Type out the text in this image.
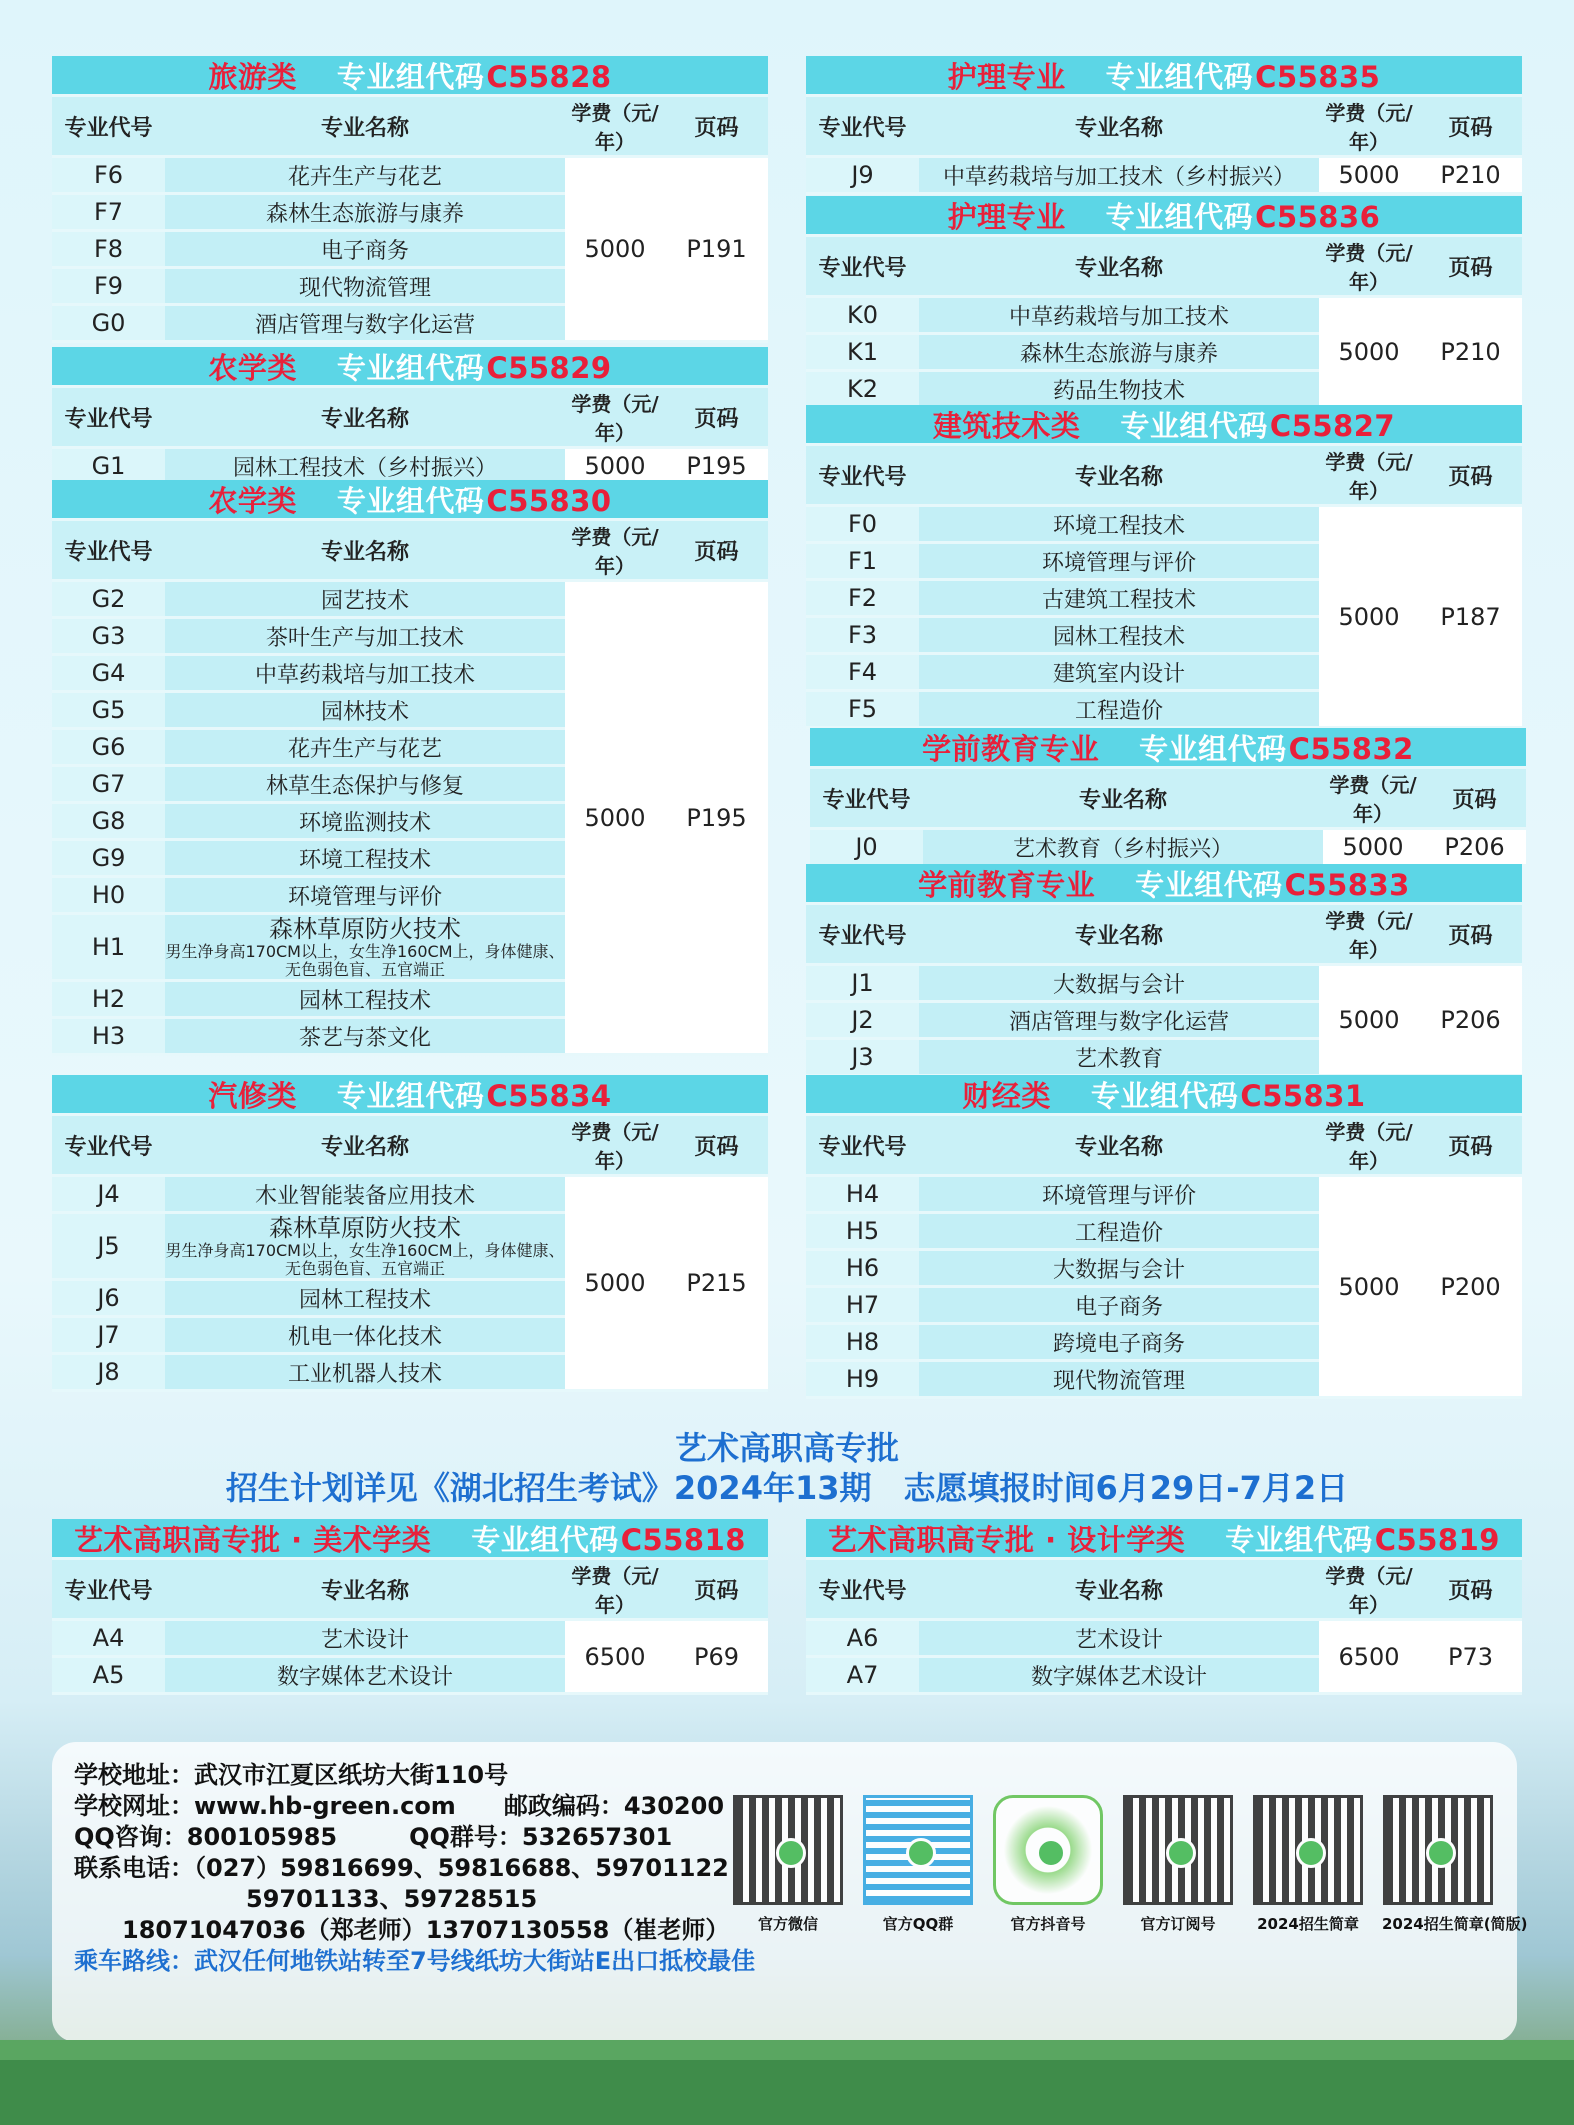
旅游类 专业组代码C55828
专业代号	专业名称	学费（元/年）	页码
F6	花卉生产与花艺	5000	P191
F7	森林生态旅游与康养		
F8	电子商务		
F9	现代物流管理		
G0	酒店管理与数字化运营		
农学类 专业组代码C55829
专业代号	专业名称	学费（元/年）	页码
G1	园林工程技术（乡村振兴）	5000	P195
农学类 专业组代码C55830
专业代号	专业名称	学费（元/年）	页码
G2	园艺技术	5000	P195
G3	茶叶生产与加工技术		
G4	中草药栽培与加工技术		
G5	园林技术		
G6	花卉生产与花艺		
G7	林草生态保护与修复		
G8	环境监测技术		
G9	环境工程技术		
H0	环境管理与评价		
H1	森林草原防火技术
男生净身高170CM以上，女生净160CM上，身体健康、无色弱色盲、五官端正		

H2	园林工程技术		
H3	茶艺与茶文化		
汽修类 专业组代码C55834
专业代号	专业名称	学费（元/年）	页码
J4	木业智能装备应用技术	5000	P215
J5	森林草原防火技术
男生净身高170CM以上，女生净160CM上，身体健康、无色弱色盲、五官端正		

J6	园林工程技术		
J7	机电一体化技术		
J8	工业机器人技术		
护理专业 专业组代码C55835
专业代号	专业名称	学费（元/年）	页码
J9	中草药栽培与加工技术（乡村振兴）	5000	P210
护理专业 专业组代码C55836
专业代号	专业名称	学费（元/年）	页码
K0	中草药栽培与加工技术	5000	P210
K1	森林生态旅游与康养		
K2	药品生物技术		
建筑技术类 专业组代码C55827
专业代号	专业名称	学费（元/年）	页码
F0	环境工程技术	5000	P187
F1	环境管理与评价		
F2	古建筑工程技术		
F3	园林工程技术		
F4	建筑室内设计		
F5	工程造价		
学前教育专业 专业组代码C55832
专业代号	专业名称	学费（元/年）	页码
J0	艺术教育（乡村振兴）	5000	P206
学前教育专业 专业组代码C55833
专业代号	专业名称	学费（元/年）	页码
J1	大数据与会计	5000	P206
J2	酒店管理与数字化运营		
J3	艺术教育		
财经类 专业组代码C55831
专业代号	专业名称	学费（元/年）	页码
H4	环境管理与评价	5000	P200
H5	工程造价		
H6	大数据与会计		
H7	电子商务		
H8	跨境电子商务		
H9	现代物流管理		
艺术高职高专批 · 美术学类 专业组代码C55818
专业代号	专业名称	学费（元/年）	页码
A4	艺术设计	6500	P69
A5	数字媒体艺术设计		
艺术高职高专批 · 设计学类 专业组代码C55819
专业代号	专业名称	学费（元/年）	页码
A6	艺术设计	6500	P73
A7	数字媒体艺术设计		
艺术高职高专批
招生计划详见《湖北招生考试》2024年13期　志愿填报时间6月29日-7月2日
学校地址：武汉市江夏区纸坊大街110号
学校网址：www.hb-green.com　　邮政编码：430200
QQ咨询：800105985　　　QQ群号：532657301
联系电话：（027）59816699、59816688、59701122
59701133、59728515
18071047036（郑老师）13707130558（崔老师）
乘车路线：武汉任何地铁站转至7号线纸坊大街站E出口抵校最佳
官方微信	官方QQ群	官方抖音号	官方订阅号	2024招生简章	2024招生简章(简版)
